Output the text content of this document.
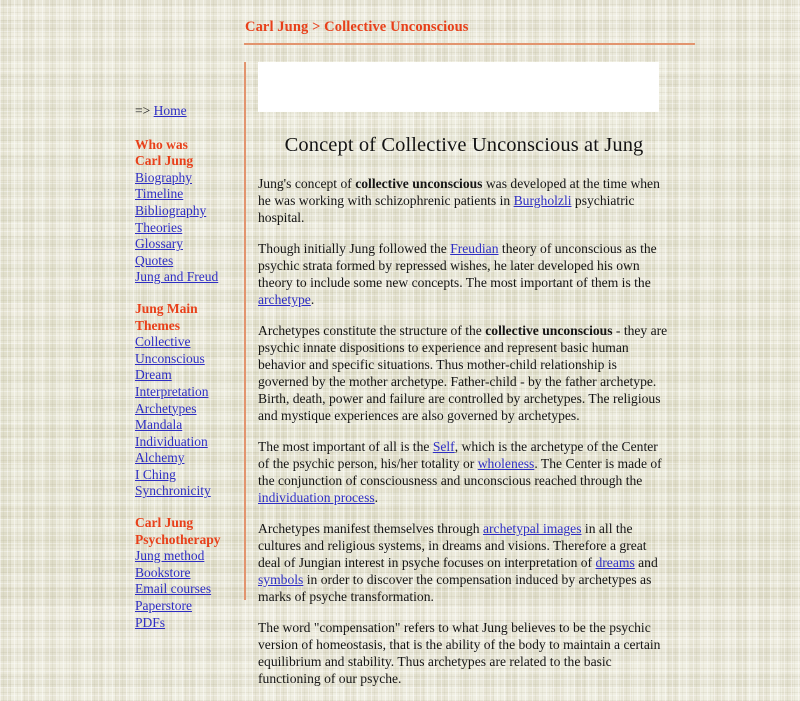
Carl Jung > Collective Unconscious
=> Home
Who was
Carl Jung
Biography
Timeline
Bibliography
Theories
Glossary
Quotes
Jung and Freud
Jung Main
Themes
Collective
Unconscious
Dream
Interpretation
Archetypes
Mandala
Individuation
Alchemy
I Ching
Synchronicity
Carl Jung
Psychotherapy
Jung method
Bookstore
Email courses
Paperstore
PDFs
Concept of Collective Unconscious at Jung

Jung's concept of collective unconscious was developed at the time when he was working with schizophrenic patients in Burgholzli psychiatric hospital.

Though initially Jung followed the Freudian theory of unconscious as the psychic strata formed by repressed wishes, he later developed his own theory to include some new concepts. The most important of them is the archetype.

Archetypes constitute the structure of the collective unconscious - they are psychic innate dispositions to experience and represent basic human behavior and specific situations. Thus mother-child relationship is governed by the mother archetype. Father-child - by the father archetype. Birth, death, power and failure are controlled by archetypes. The religious and mystique experiences are also governed by archetypes.

The most important of all is the Self, which is the archetype of the Center of the psychic person, his/her totality or wholeness. The Center is made of the conjunction of consciousness and unconscious reached through the individuation process.

Archetypes manifest themselves through archetypal images in all the cultures and religious systems, in dreams and visions. Therefore a great deal of Jungian interest in psyche focuses on interpretation of dreams and symbols in order to discover the compensation induced by archetypes as marks of psyche transformation.

The word "compensation" refers to what Jung believes to be the psychic version of homeostasis, that is the ability of the body to maintain a certain equilibrium and stability. Thus archetypes are related to the basic functioning of our psyche.
